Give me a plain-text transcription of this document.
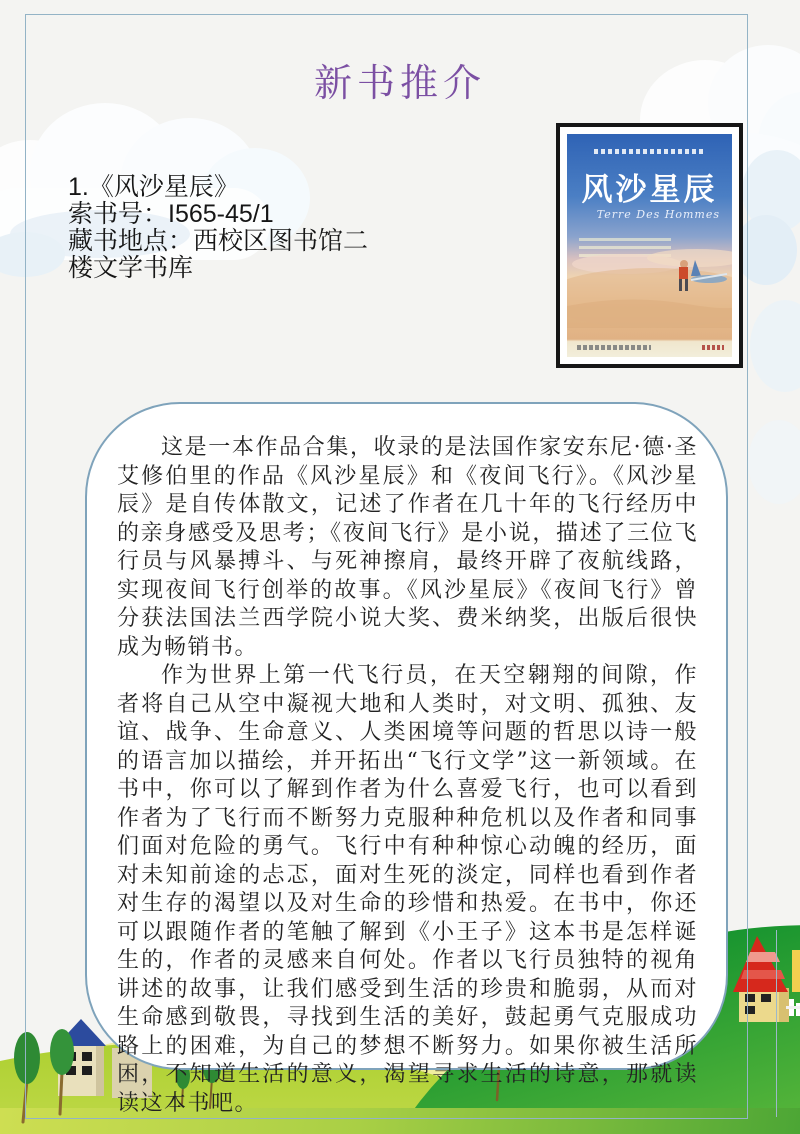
新书推介
1.《风沙星辰》
索书号：I565-45/1
藏书地点：西校区图书馆二
楼文学书库
风沙星辰
Terre Des Hommes

这是一本作品合集，收录的是法国作家安东尼·德·圣艾修伯里的作品《风沙星辰》和《夜间飞行》。《风沙星辰》是自传体散文，记述了作者在几十年的飞行经历中的亲身感受及思考；《夜间飞行》是小说，描述了三位飞行员与风暴搏斗、与死神擦肩，最终开辟了夜航线路，实现夜间飞行创举的故事。《风沙星辰》《夜间飞行》曾分获法国法兰西学院小说大奖、费米纳奖，出版后很快成为畅销书。

作为世界上第一代飞行员，在天空翱翔的间隙，作者将自己从空中凝视大地和人类时，对文明、孤独、友谊、战争、生命意义、人类困境等问题的哲思以诗一般的语言加以描绘，并开拓出“飞行文学”这一新领域。在书中，你可以了解到作者为什么喜爱飞行，也可以看到作者为了飞行而不断努力克服种种危机以及作者和同事们面对危险的勇气。飞行中有种种惊心动魄的经历，面对未知前途的忐忑，面对生死的淡定，同样也看到作者对生存的渴望以及对生命的珍惜和热爱。在书中，你还可以跟随作者的笔触了解到《小王子》这本书是怎样诞生的，作者的灵感来自何处。作者以飞行员独特的视角讲述的故事，让我们感受到生活的珍贵和脆弱，从而对生命感到敬畏，寻找到生活的美好，鼓起勇气克服成功路上的困难，为自己的梦想不断努力。如果你被生活所困，不知道生活的意义，渴望寻求生活的诗意，那就读读这本书吧。
